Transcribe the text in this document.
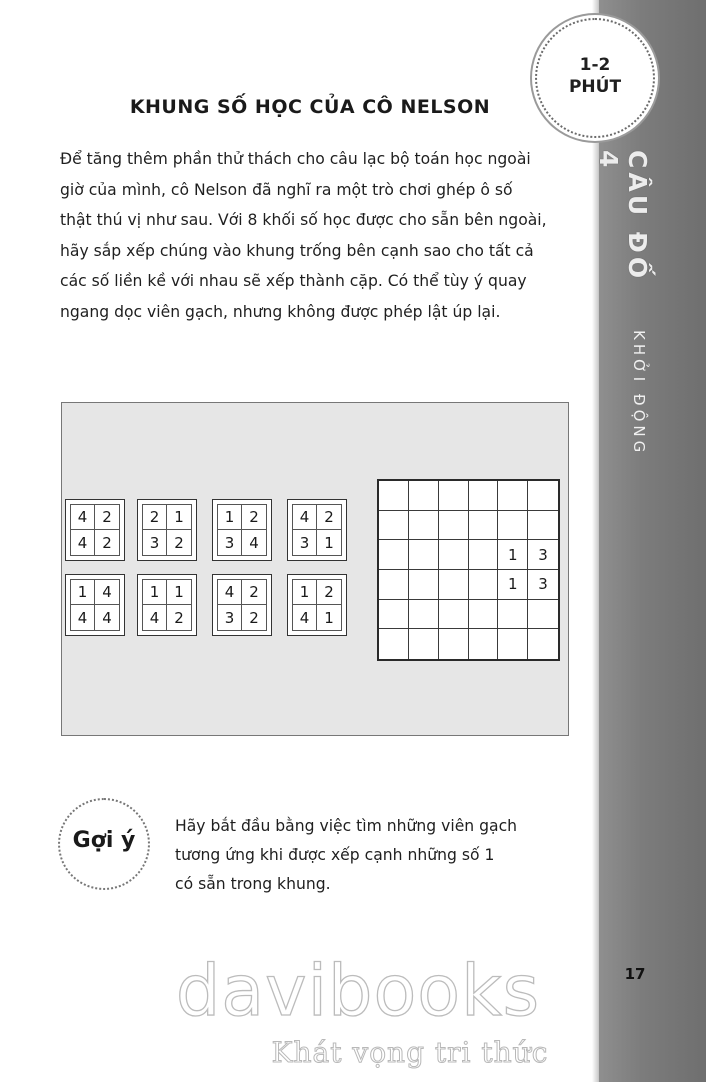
1-2
PHÚT
CÂU ĐỐ 4
KHỞI ĐỘNG
17
KHUNG SỐ HỌC CỦA CÔ NELSON
Để tăng thêm phần thử thách cho câu lạc bộ toán học ngoài
giờ của mình, cô Nelson đã nghĩ ra một trò chơi ghép ô số
thật thú vị như sau. Với 8 khối số học được cho sẵn bên ngoài,
hãy sắp xếp chúng vào khung trống bên cạnh sao cho tất cả
các số liền kề với nhau sẽ xếp thành cặp. Có thể tùy ý quay
ngang dọc viên gạch, nhưng không được phép lật úp lại.
4 2
4 2
2 1
3 2
1 2
3 4
4 2
3 1
1 4
4 4
1 1
4 2
4 2
3 2
1 2
4 1
1	3
1	3
Gợi ý
Hãy bắt đầu bằng việc tìm những viên gạch
tương ứng khi được xếp cạnh những số 1
có sẵn trong khung.
davibooks
Khát vọng tri thức
